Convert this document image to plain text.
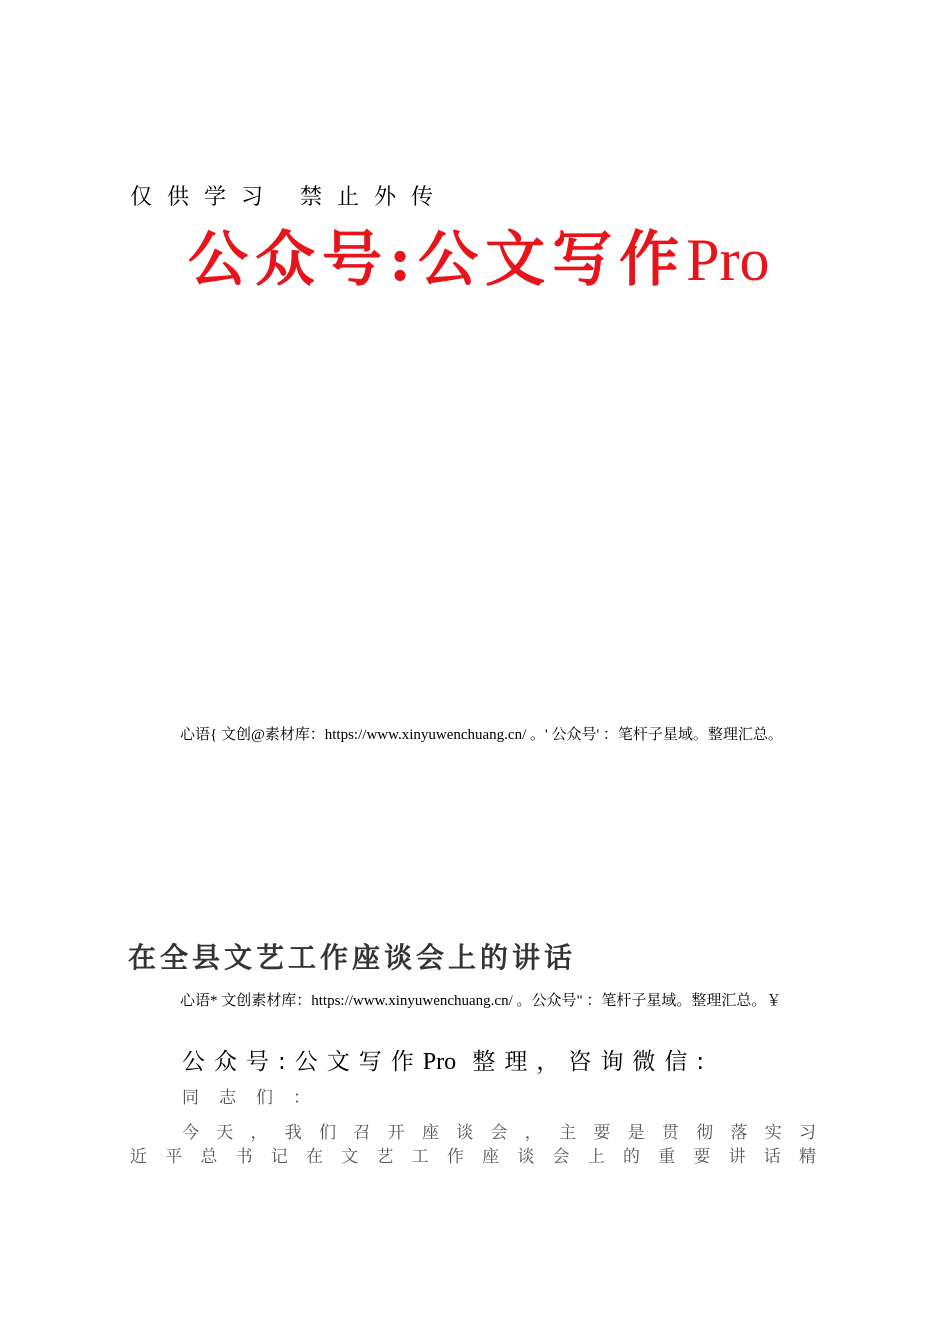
仅供学习 禁止外传
公众号:公文写作Pro
心语{ 文创@素材库：https://www.xinyuwenchuang.cn/ 。' 公众号' ：笔杆子星域。整理汇总。
在全县文艺工作座谈会上的讲话
心语* 文创素材库：https://www.xinyuwenchuang.cn/ 。公众号" ：笔杆子星域。整理汇总。￥
公众号:公文写作Pro 整理，咨询微信:
同志们：
今天，我们召开座谈会，主要是贯彻落实习
近平总书记在文艺工作座谈会上的重要讲话精
